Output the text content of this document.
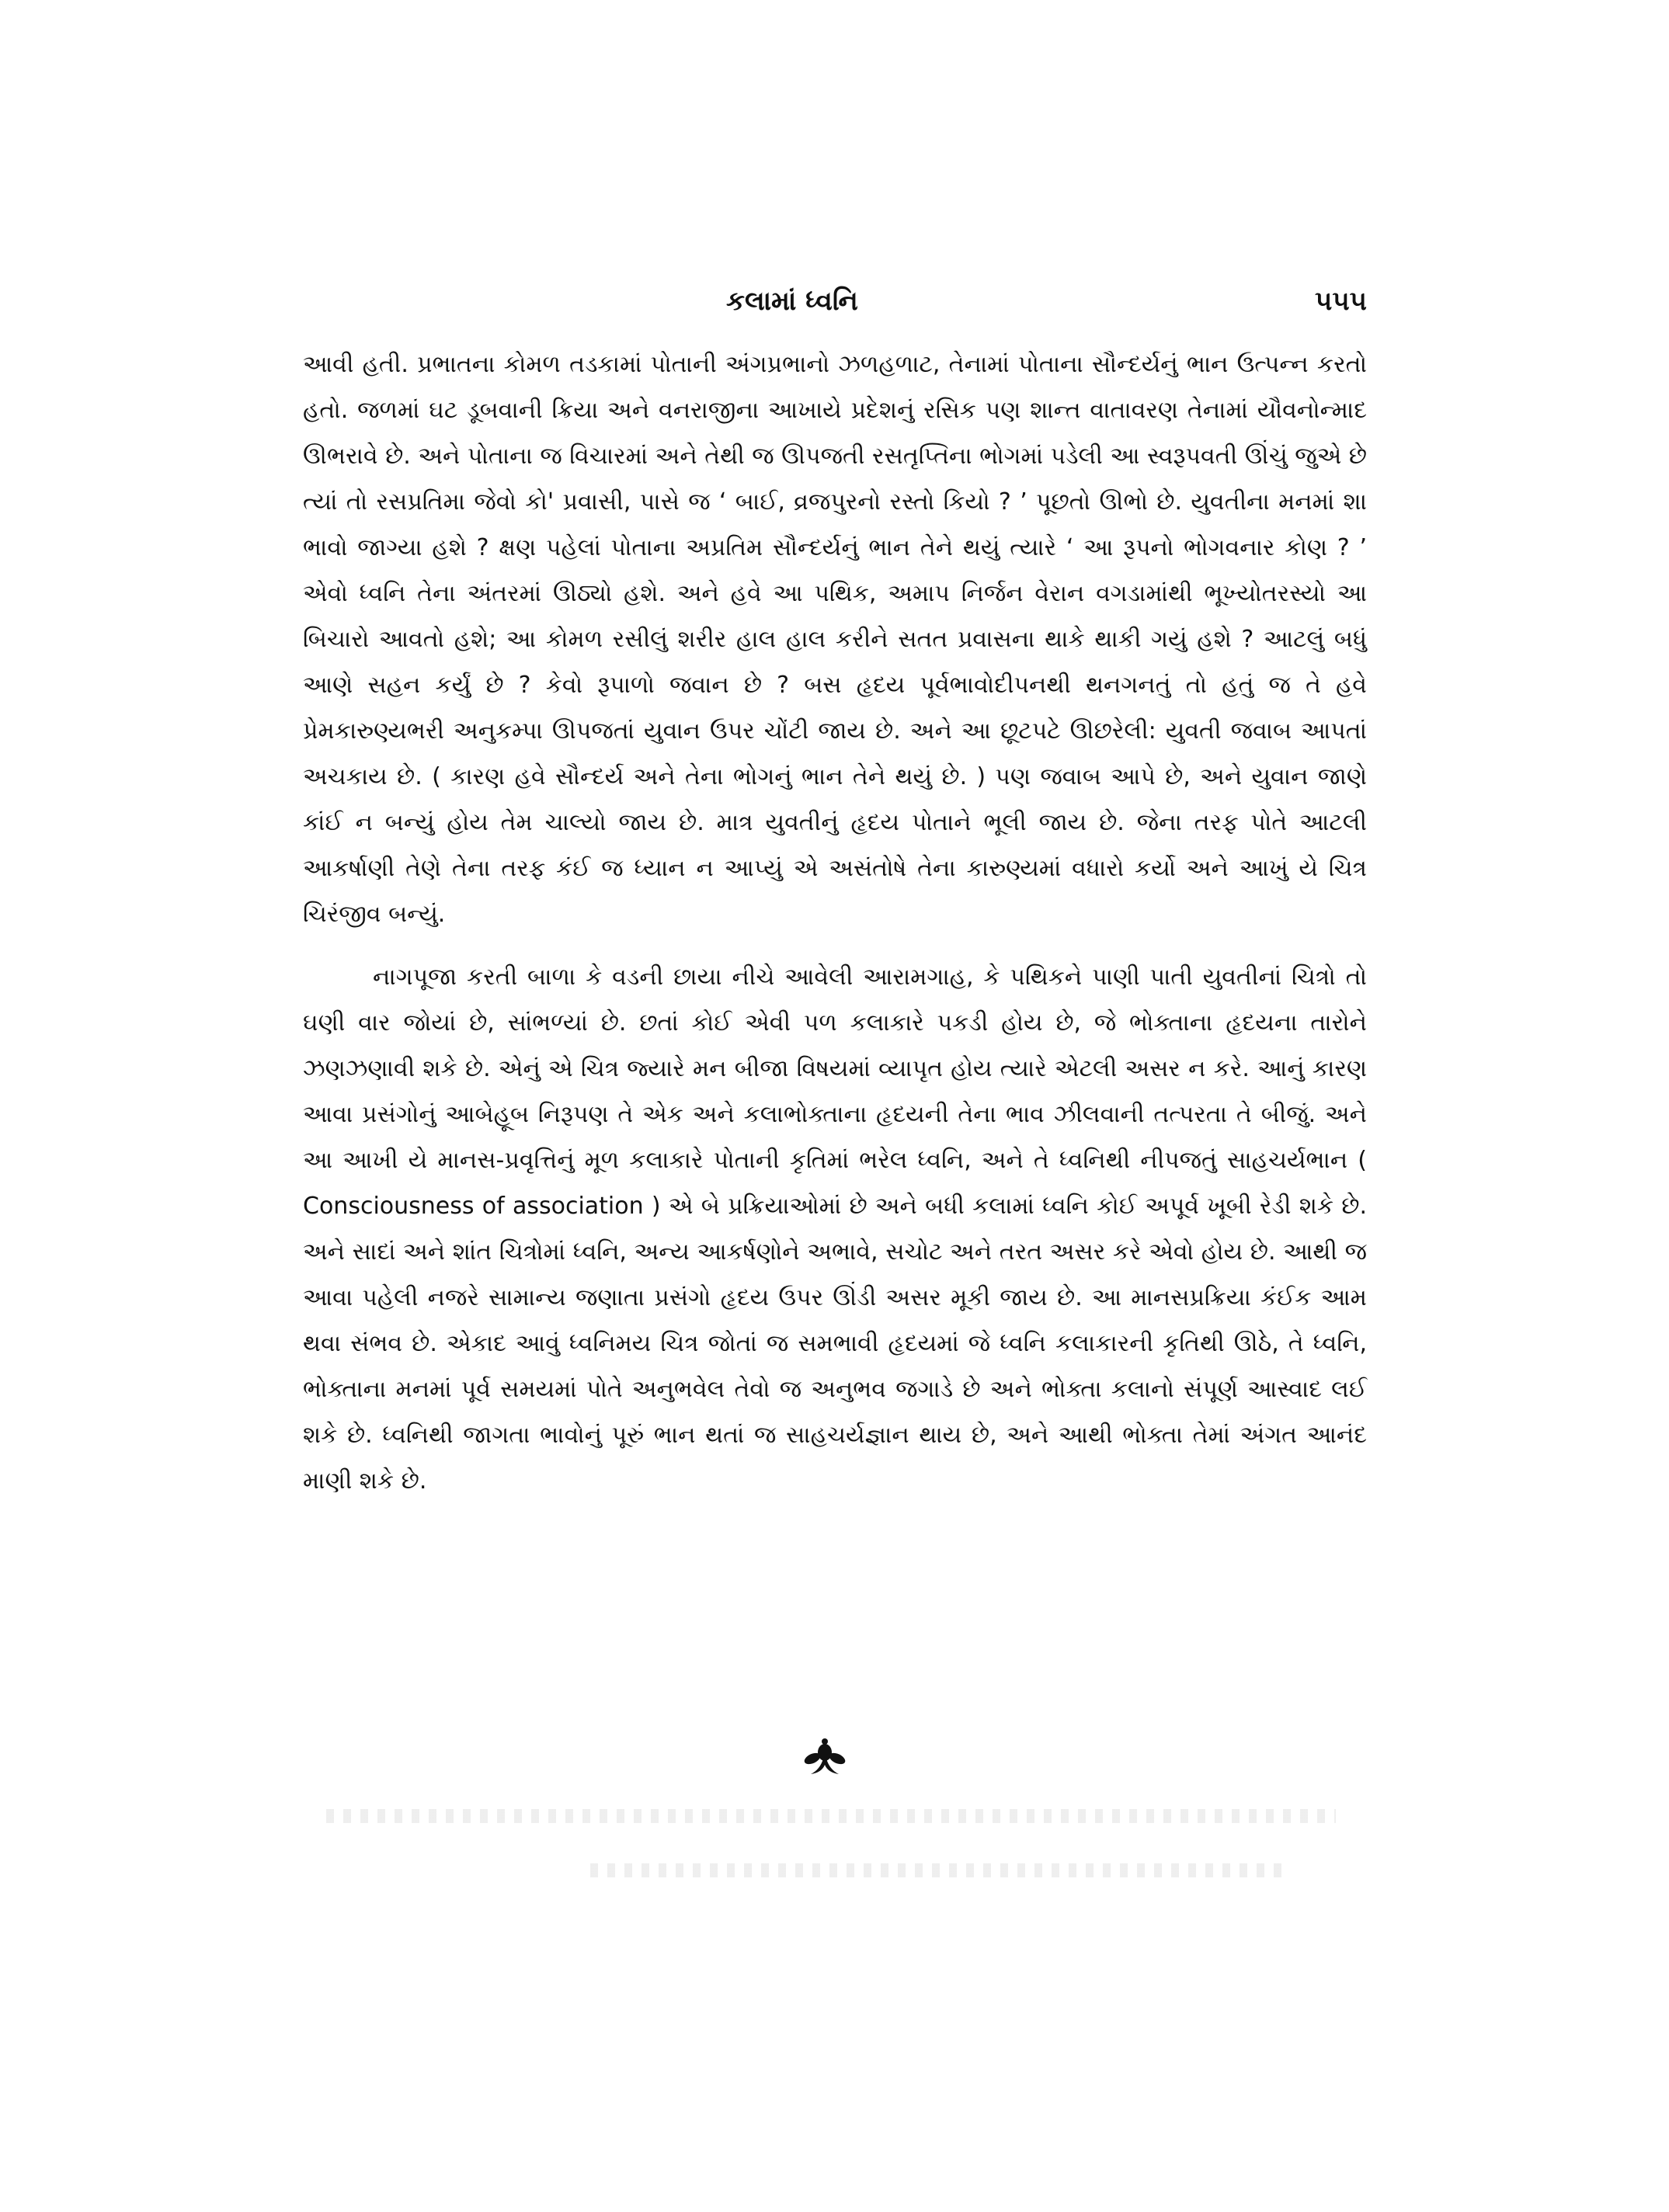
કલામાં ધ્વનિ	૫૫૫

આવી હતી. પ્રભાતના કોમળ તડકામાં પોતાની અંગપ્રભાનો ઝળહળાટ, તેનામાં પોતાના સૌન્દર્યનું ભાન ઉત્પન્ન કરતો હતો. જળમાં ઘટ ડૂબવાની ક્રિયા અને વનરાજીના આખાયે પ્રદેશનું રસિક પણ શાન્ત વાતાવરણ તેનામાં યૌવનોન્માદ ઊભરાવે છે. અને પોતાના જ વિચારમાં અને તેથી જ ઊપજતી રસતૃપ્તિના ભોગમાં પડેલી આ સ્વરૂપવતી ઊંચું જુએ છે ત્યાં તો રસપ્રતિમા જેવો કો' પ્રવાસી, પાસે જ ‘ બાઈ, વ્રજપુરનો રસ્તો કિયો ? ’ પૂછતો ઊભો છે. યુવતીના મનમાં શા ભાવો જાગ્યા હશે ? ક્ષણ પહેલાં પોતાના અપ્રતિમ સૌન્દર્યનું ભાન તેને થયું ત્યારે ‘ આ રૂપનો ભોગવનાર કોણ ? ’ એવો ધ્વનિ તેના અંતરમાં ઊઠ્યો હશે. અને હવે આ પથિક, અમાપ નિર્જન વેરાન વગડામાંથી ભૂખ્યોતરસ્યો આ બિચારો આવતો હશે; આ કોમળ રસીલું શરીર હાલ હાલ કરીને સતત પ્રવાસના થાકે થાકી ગયું હશે ? આટલું બધું આણે સહન કર્યું છે ? કેવો રૂપાળો જવાન છે ? બસ હૃદય પૂર્વભાવોદીપનથી થનગનતું તો હતું જ તે હવે પ્રેમકારુણ્યભરી અનુકમ્પા ઊપજતાં યુવાન ઉપર ચોંટી જાય છે. અને આ છૂટપટે ઊછરેલી: યુવતી જવાબ આપતાં અચકાય છે. ( કારણ હવે સૌન્દર્ય અને તેના ભોગનું ભાન તેને થયું છે. ) પણ જવાબ આપે છે, અને યુવાન જાણે કાંઈ ન બન્યું હોય તેમ ચાલ્યો જાય છે. માત્ર યુવતીનું હૃદય પોતાને ભૂલી જાય છે. જેના તરફ પોતે આટલી આકર્ષાણી તેણે તેના તરફ કંઈ જ ધ્યાન ન આપ્યું એ અસંતોષે તેના કારુણ્યમાં વધારો કર્યો અને આખું યે ચિત્ર ચિરંજીવ બન્યું.

નાગપૂજા કરતી બાળા કે વડની છાયા નીચે આવેલી આરામગાહ, કે પથિકને પાણી પાતી યુવતીનાં ચિત્રો તો ઘણી વાર જોયાં છે, સાંભળ્યાં છે. છતાં કોઈ એવી પળ કલાકારે પકડી હોય છે, જે ભોક્તાના હૃદયના તારોને ઝણઝણાવી શકે છે. એનું એ ચિત્ર જ્યારે મન બીજા વિષયમાં વ્યાપૃત હોય ત્યારે એટલી અસર ન કરે. આનું કારણ આવા પ્રસંગોનું આબેહૂબ નિરૂપણ તે એક અને કલાભોક્તાના હૃદયની તેના ભાવ ઝીલવાની તત્પરતા તે બીજું. અને આ આખી યે માનસ-પ્રવૃત્તિનું મૂળ કલાકારે પોતાની કૃતિમાં ભરેલ ધ્વનિ, અને તે ધ્વનિથી નીપજતું સાહચર્યભાન ( Consciousness of association ) એ બે પ્રક્રિયાઓમાં છે અને બધી કલામાં ધ્વનિ કોઈ અપૂર્વ ખૂબી રેડી શકે છે. અને સાદાં અને શાંત ચિત્રોમાં ધ્વનિ, અન્ય આકર્ષણોને અભાવે, સચોટ અને તરત અસર કરે એવો હોય છે. આથી જ આવા પહેલી નજરે સામાન્ય જણાતા પ્રસંગો હૃદય ઉપર ઊંડી અસર મૂકી જાય છે. આ માનસપ્રક્રિયા કંઈક આમ થવા સંભવ છે. એકાદ આવું ધ્વનિમય ચિત્ર જોતાં જ સમભાવી હૃદયમાં જે ધ્વનિ કલાકારની કૃતિથી ઊઠે, તે ધ્વનિ, ભોક્તાના મનમાં પૂર્વ સમયમાં પોતે અનુભવેલ તેવો જ અનુભવ જગાડે છે અને ભોક્તા કલાનો સંપૂર્ણ આસ્વાદ લઈ શકે છે. ધ્વનિથી જાગતા ભાવોનું પૂરું ભાન થતાં જ સાહચર્યજ્ઞાન થાય છે, અને આથી ભોક્તા તેમાં અંગત આનંદ માણી શકે છે.
